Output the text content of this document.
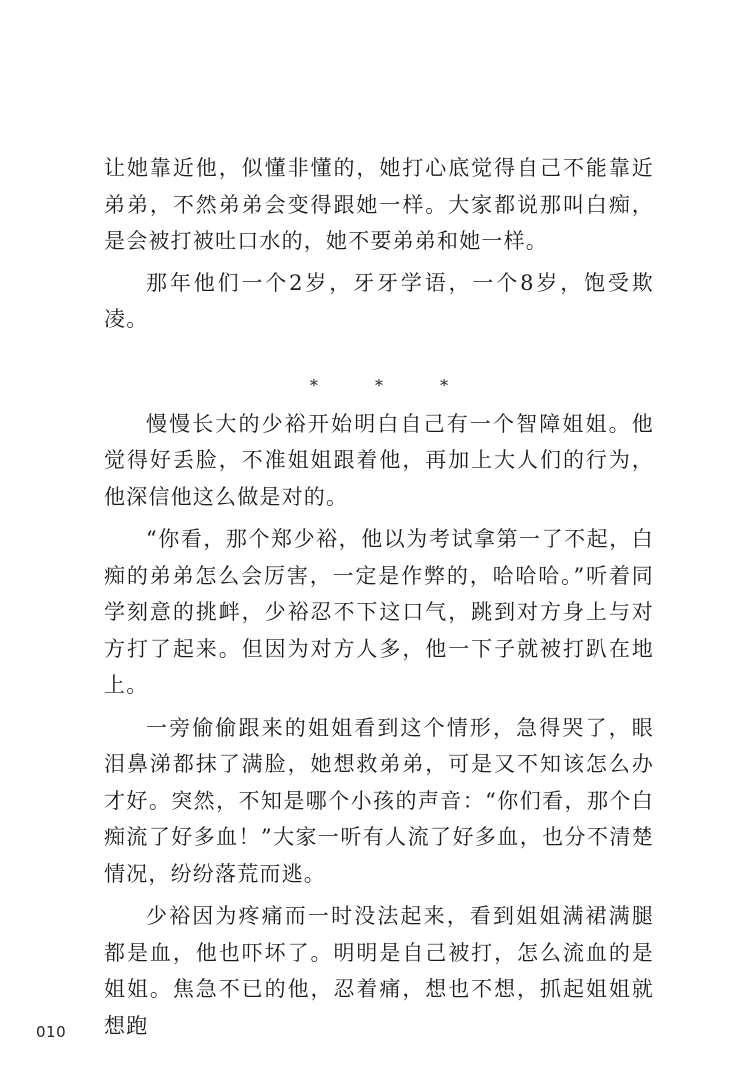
让她靠近他，似懂非懂的，她打心底觉得自己不能靠近弟弟，不然弟弟会变得跟她一样。大家都说那叫白痴，是会被打被吐口水的，她不要弟弟和她一样。

那年他们一个2岁，牙牙学语，一个8岁，饱受欺凌。

* * *

慢慢长大的少裕开始明白自己有一个智障姐姐。他觉得好丢脸，不准姐姐跟着他，再加上大人们的行为，他深信他这么做是对的。

“你看，那个郑少裕，他以为考试拿第一了不起，白痴的弟弟怎么会厉害，一定是作弊的，哈哈哈。”听着同学刻意的挑衅，少裕忍不下这口气，跳到对方身上与对方打了起来。但因为对方人多，他一下子就被打趴在地上。

一旁偷偷跟来的姐姐看到这个情形，急得哭了，眼泪鼻涕都抹了满脸，她想救弟弟，可是又不知该怎么办才好。突然，不知是哪个小孩的声音：“你们看，那个白痴流了好多血！”大家一听有人流了好多血，也分不清楚情况，纷纷落荒而逃。

少裕因为疼痛而一时没法起来，看到姐姐满裙满腿都是血，他也吓坏了。明明是自己被打，怎么流血的是姐姐。焦急不已的他，忍着痛，想也不想，抓起姐姐就想跑

010
